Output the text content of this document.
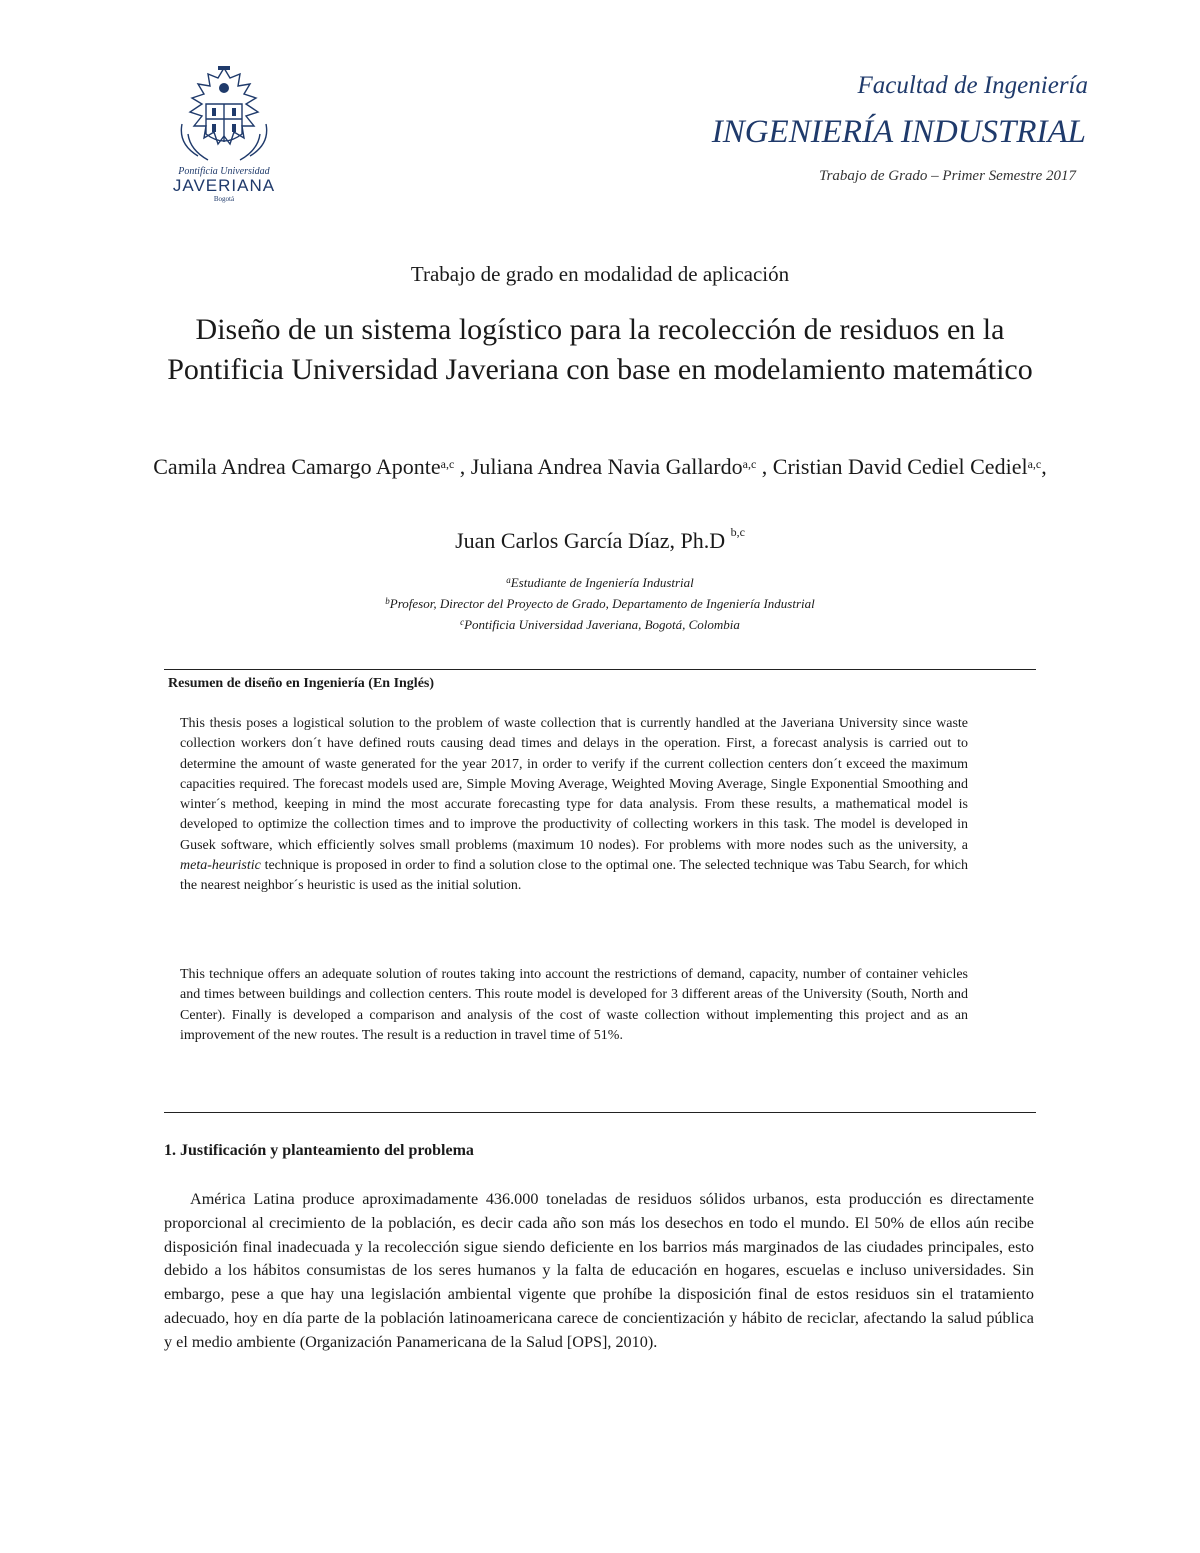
Pontificia Universidad
JAVERIANA
Bogotá
Facultad de Ingeniería
INGENIERÍA INDUSTRIAL
Trabajo de Grado – Primer Semestre 2017
Trabajo de grado en modalidad de aplicación
Diseño de un sistema logístico para la recolección de residuos en la Pontificia Universidad Javeriana con base en modelamiento matemático
Camila Andrea Camargo Aponte$^{a,c}$ , Juliana Andrea Navia Gallardo$^{a,c}$ , Cristian David Cediel Cediel$^{a,c}$,
Juan Carlos García Díaz, Ph.D $^{b,c}$
$^a$Estudiante de Ingeniería Industrial
$^b$Profesor, Director del Proyecto de Grado, Departamento de Ingeniería Industrial
$^c$Pontificia Universidad Javeriana, Bogotá, Colombia
Resumen de diseño en Ingeniería (En Inglés)
This thesis poses a logistical solution to the problem of waste collection that is currently handled at the Javeriana University since waste collection workers don´t have defined routs causing dead times and delays in the operation. First, a forecast analysis is carried out to determine the amount of waste generated for the year 2017, in order to verify if the current collection centers don´t exceed the maximum capacities required. The forecast models used are, Simple Moving Average, Weighted Moving Average, Single Exponential Smoothing and winter´s method, keeping in mind the most accurate forecasting type for data analysis. From these results, a mathematical model is developed to optimize the collection times and to improve the productivity of collecting workers in this task. The model is developed in Gusek software, which efficiently solves small problems (maximum 10 nodes). For problems with more nodes such as the university, a meta-heuristic technique is proposed in order to find a solution close to the optimal one. The selected technique was Tabu Search, for which the nearest neighbor´s heuristic is used as the initial solution.
This technique offers an adequate solution of routes taking into account the restrictions of demand, capacity, number of container vehicles and times between buildings and collection centers. This route model is developed for 3 different areas of the University (South, North and Center). Finally is developed a comparison and analysis of the cost of waste collection without implementing this project and as an improvement of the new routes. The result is a reduction in travel time of 51%.
1. Justificación y planteamiento del problema
América Latina produce aproximadamente 436.000 toneladas de residuos sólidos urbanos, esta producción es directamente proporcional al crecimiento de la población, es decir cada año son más los desechos en todo el mundo. El 50% de ellos aún recibe disposición final inadecuada y la recolección sigue siendo deficiente en los barrios más marginados de las ciudades principales, esto debido a los hábitos consumistas de los seres humanos y la falta de educación en hogares, escuelas e incluso universidades. Sin embargo, pese a que hay una legislación ambiental vigente que prohíbe la disposición final de estos residuos sin el tratamiento adecuado, hoy en día parte de la población latinoamericana carece de concientización y hábito de reciclar, afectando la salud pública y el medio ambiente (Organización Panamericana de la Salud [OPS], 2010).
